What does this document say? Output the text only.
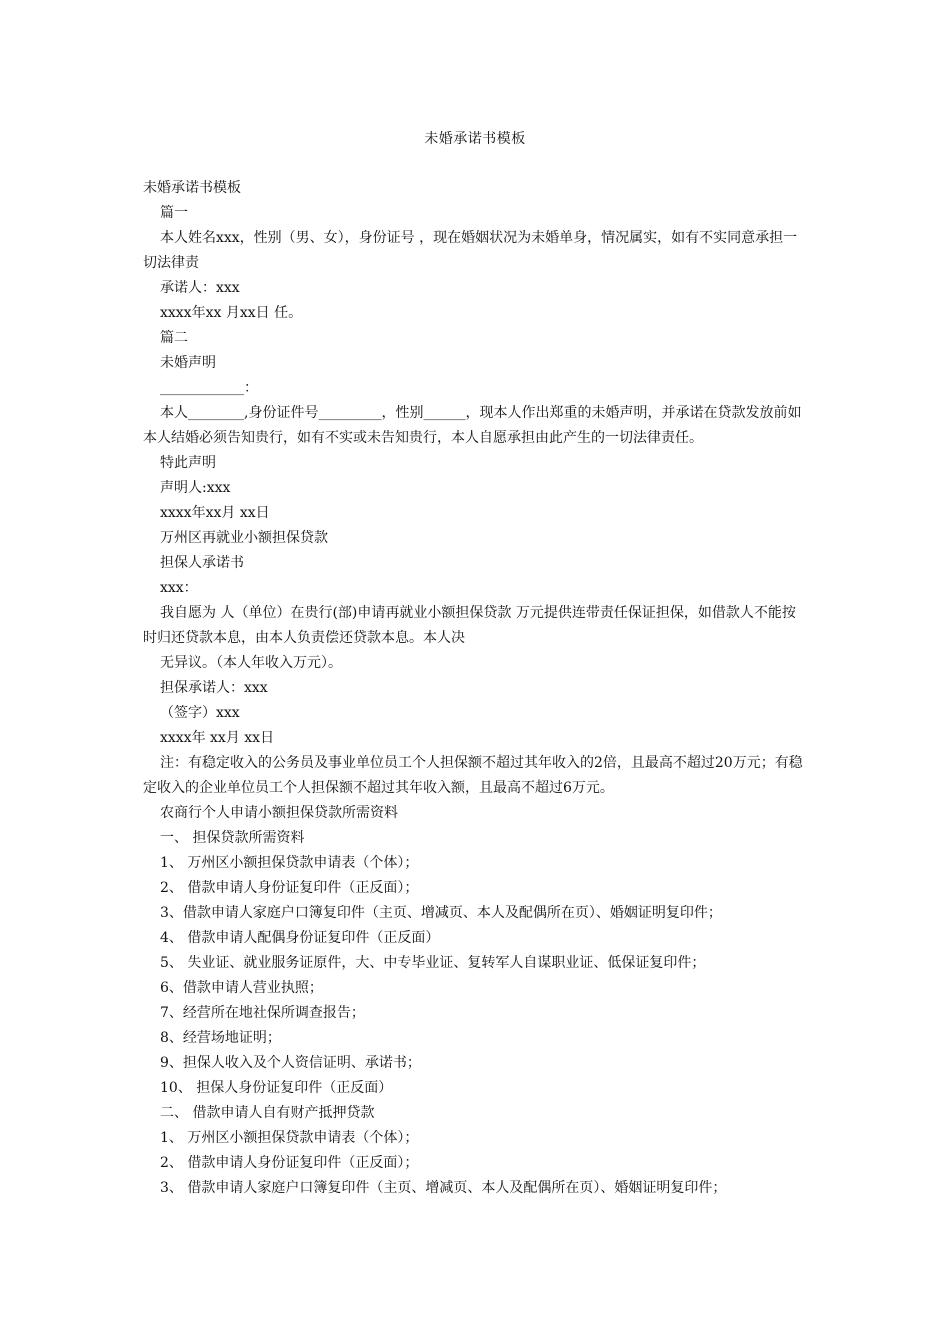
未婚承诺书模板

未婚承诺书模板

篇一

本人姓名xxx，性别（男、女），身份证号 ，现在婚姻状况为未婚单身，情况属实，如有不实同意承担一切法律责

承诺人：xxx

xxxx年xx 月xx日 任。

篇二

未婚声明

____________：

本人________,身份证件号_________，性别______，现本人作出郑重的未婚声明，并承诺在贷款发放前如本人结婚必须告知贵行，如有不实或未告知贵行，本人自愿承担由此产生的一切法律责任。

特此声明

声明人:xxx

xxxx年xx月 xx日

万州区再就业小额担保贷款

担保人承诺书

xxx：

我自愿为 人（单位）在贵行(部)申请再就业小额担保贷款 万元提供连带责任保证担保，如借款人不能按时归还贷款本息，由本人负责偿还贷款本息。本人决

无异议。（本人年收入万元）。

担保承诺人：xxx

（签字）xxx

xxxx年 xx月 xx日

注：有稳定收入的公务员及事业单位员工个人担保额不超过其年收入的2倍，且最高不超过20万元；有稳定收入的企业单位员工个人担保额不超过其年收入额，且最高不超过6万元。

农商行个人申请小额担保贷款所需资料

一、 担保贷款所需资料

1、 万州区小额担保贷款申请表（个体）；

2、 借款申请人身份证复印件（正反面）；

3、借款申请人家庭户口簿复印件（主页、增减页、本人及配偶所在页）、婚姻证明复印件；

4、 借款申请人配偶身份证复印件（正反面）

5、 失业证、就业服务证原件，大、中专毕业证、复转军人自谋职业证、低保证复印件；

6、借款申请人营业执照；

7、经营所在地社保所调查报告；

8、经营场地证明；

9、担保人收入及个人资信证明、承诺书；

10、 担保人身份证复印件（正反面）

二、 借款申请人自有财产抵押贷款

1、 万州区小额担保贷款申请表（个体）；

2、 借款申请人身份证复印件（正反面）；

3、 借款申请人家庭户口簿复印件（主页、增减页、本人及配偶所在页）、婚姻证明复印件；
